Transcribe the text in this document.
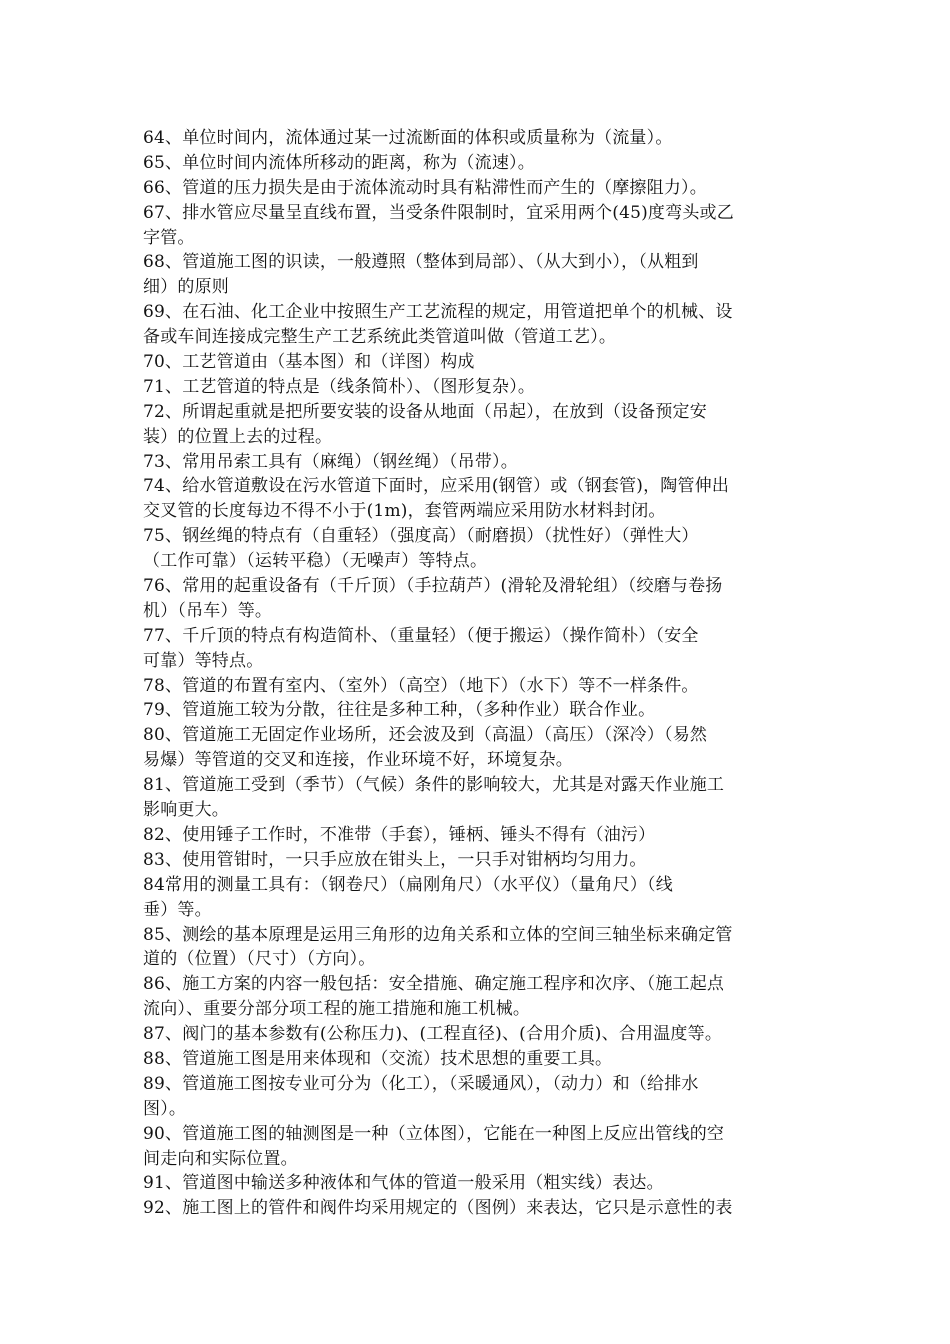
64、单位时间内，流体通过某一过流断面的体积或质量称为（流量）。
65、单位时间内流体所移动的距离，称为（流速）。
66、管道的压力损失是由于流体流动时具有粘滞性而产生的（摩擦阻力）。
67、排水管应尽量呈直线布置，当受条件限制时，宜采用两个(45)度弯头或乙
字管。
68、管道施工图的识读，一般遵照（整体到局部）、（从大到小），（从粗到
细）的原则
69、在石油、化工企业中按照生产工艺流程的规定，用管道把单个的机械、设
备或车间连接成完整生产工艺系统此类管道叫做（管道工艺）。
70、工艺管道由（基本图）和（详图）构成
71、工艺管道的特点是（线条简朴）、（图形复杂）。
72、所谓起重就是把所要安装的设备从地面（吊起），在放到（设备预定安
装）的位置上去的过程。
73、常用吊索工具有（麻绳）（钢丝绳）（吊带）。
74、给水管道敷设在污水管道下面时，应采用(钢管）或（钢套管)，陶管伸出
交叉管的长度每边不得不小于(1m)，套管两端应采用防水材料封闭。
75、钢丝绳的特点有（自重轻）（强度高）（耐磨损）（扰性好）（弹性大）
（工作可靠）（运转平稳）（无噪声）等特点。
76、常用的起重设备有（千斤顶）（手拉葫芦）(滑轮及滑轮组）（绞磨与卷扬
机）（吊车）等。
77、千斤顶的特点有构造简朴、（重量轻）（便于搬运）（操作简朴）（安全
可靠）等特点。
78、管道的布置有室内、（室外）（高空）（地下）（水下）等不一样条件。
79、管道施工较为分散，往往是多种工种，（多种作业）联合作业。
80、管道施工无固定作业场所，还会波及到（高温）（高压）（深冷）（易然
易爆）等管道的交叉和连接，作业环境不好，环境复杂。
81、管道施工受到（季节）（气候）条件的影响较大，尤其是对露天作业施工
影响更大。
82、使用锤子工作时，不准带（手套），锤柄、锤头不得有（油污）
83、使用管钳时，一只手应放在钳头上，一只手对钳柄均匀用力。
84常用的测量工具有：（钢卷尺）（扁刚角尺）（水平仪）（量角尺）（线
垂）等。
85、测绘的基本原理是运用三角形的边角关系和立体的空间三轴坐标来确定管
道的（位置）（尺寸）（方向）。
86、施工方案的内容一般包括：安全措施、确定施工程序和次序、（施工起点
流向）、重要分部分项工程的施工措施和施工机械。
87、阀门的基本参数有(公称压力)、(工程直径)、(合用介质)、合用温度等。
88、管道施工图是用来体现和（交流）技术思想的重要工具。
89、管道施工图按专业可分为（化工），（采暖通风），（动力）和（给排水
图）。
90、管道施工图的轴测图是一种（立体图），它能在一种图上反应出管线的空
间走向和实际位置。
91、管道图中输送多种液体和气体的管道一般采用（粗实线）表达。
92、施工图上的管件和阀件均采用规定的（图例）来表达，它只是示意性的表
